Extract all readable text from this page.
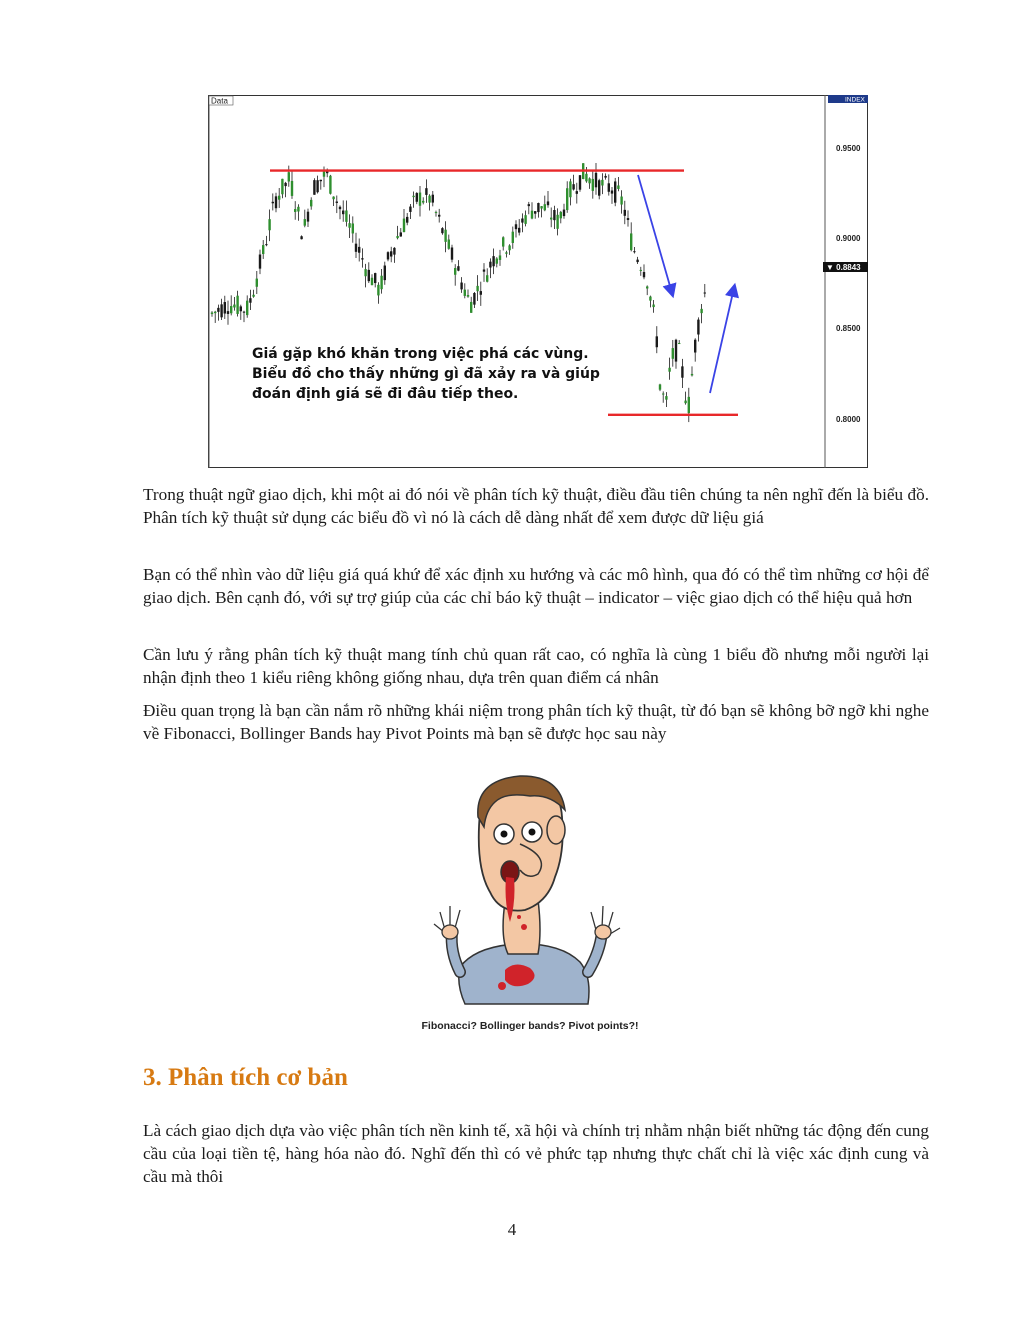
Data	INDEX
0.9500
0.9000
0.8500
0.8000
▼ 0.8843
Giá gặp khó khăn trong việc phá các vùng.
Biểu đồ cho thấy những gì đã xảy ra và giúp
đoán định giá sẽ đi đâu tiếp theo.

Trong thuật ngữ giao dịch, khi một ai đó nói về phân tích kỹ thuật, điều đầu tiên chúng ta nên nghĩ đến là biểu đồ. Phân tích kỹ thuật sử dụng các biểu đồ vì nó là cách dễ dàng nhất để xem được dữ liệu giá

Bạn có thể nhìn vào dữ liệu giá quá khứ để xác định xu hướng và các mô hình, qua đó có thể tìm những cơ hội để giao dịch. Bên cạnh đó, với sự trợ giúp của các chỉ báo kỹ thuật – indicator – việc giao dịch có thể hiệu quả hơn

Cần lưu ý rằng phân tích kỹ thuật mang tính chủ quan rất cao, có nghĩa là cùng 1 biểu đồ nhưng mỗi người lại nhận định theo 1 kiểu riêng không giống nhau, dựa trên quan điểm cá nhân

Điều quan trọng là bạn cần nắm rõ những khái niệm trong phân tích kỹ thuật, từ đó bạn sẽ không bỡ ngỡ khi nghe về Fibonacci, Bollinger Bands hay Pivot Points mà bạn sẽ được học sau này

Fibonacci? Bollinger bands? Pivot points?!
3. Phân tích cơ bản

Là cách giao dịch dựa vào việc phân tích nền kinh tế, xã hội và chính trị nhằm nhận biết những tác động đến cung cầu của loại tiền tệ, hàng hóa nào đó. Nghĩ đến thì có vẻ phức tạp nhưng thực chất chỉ là việc xác định cung và cầu mà thôi

4
